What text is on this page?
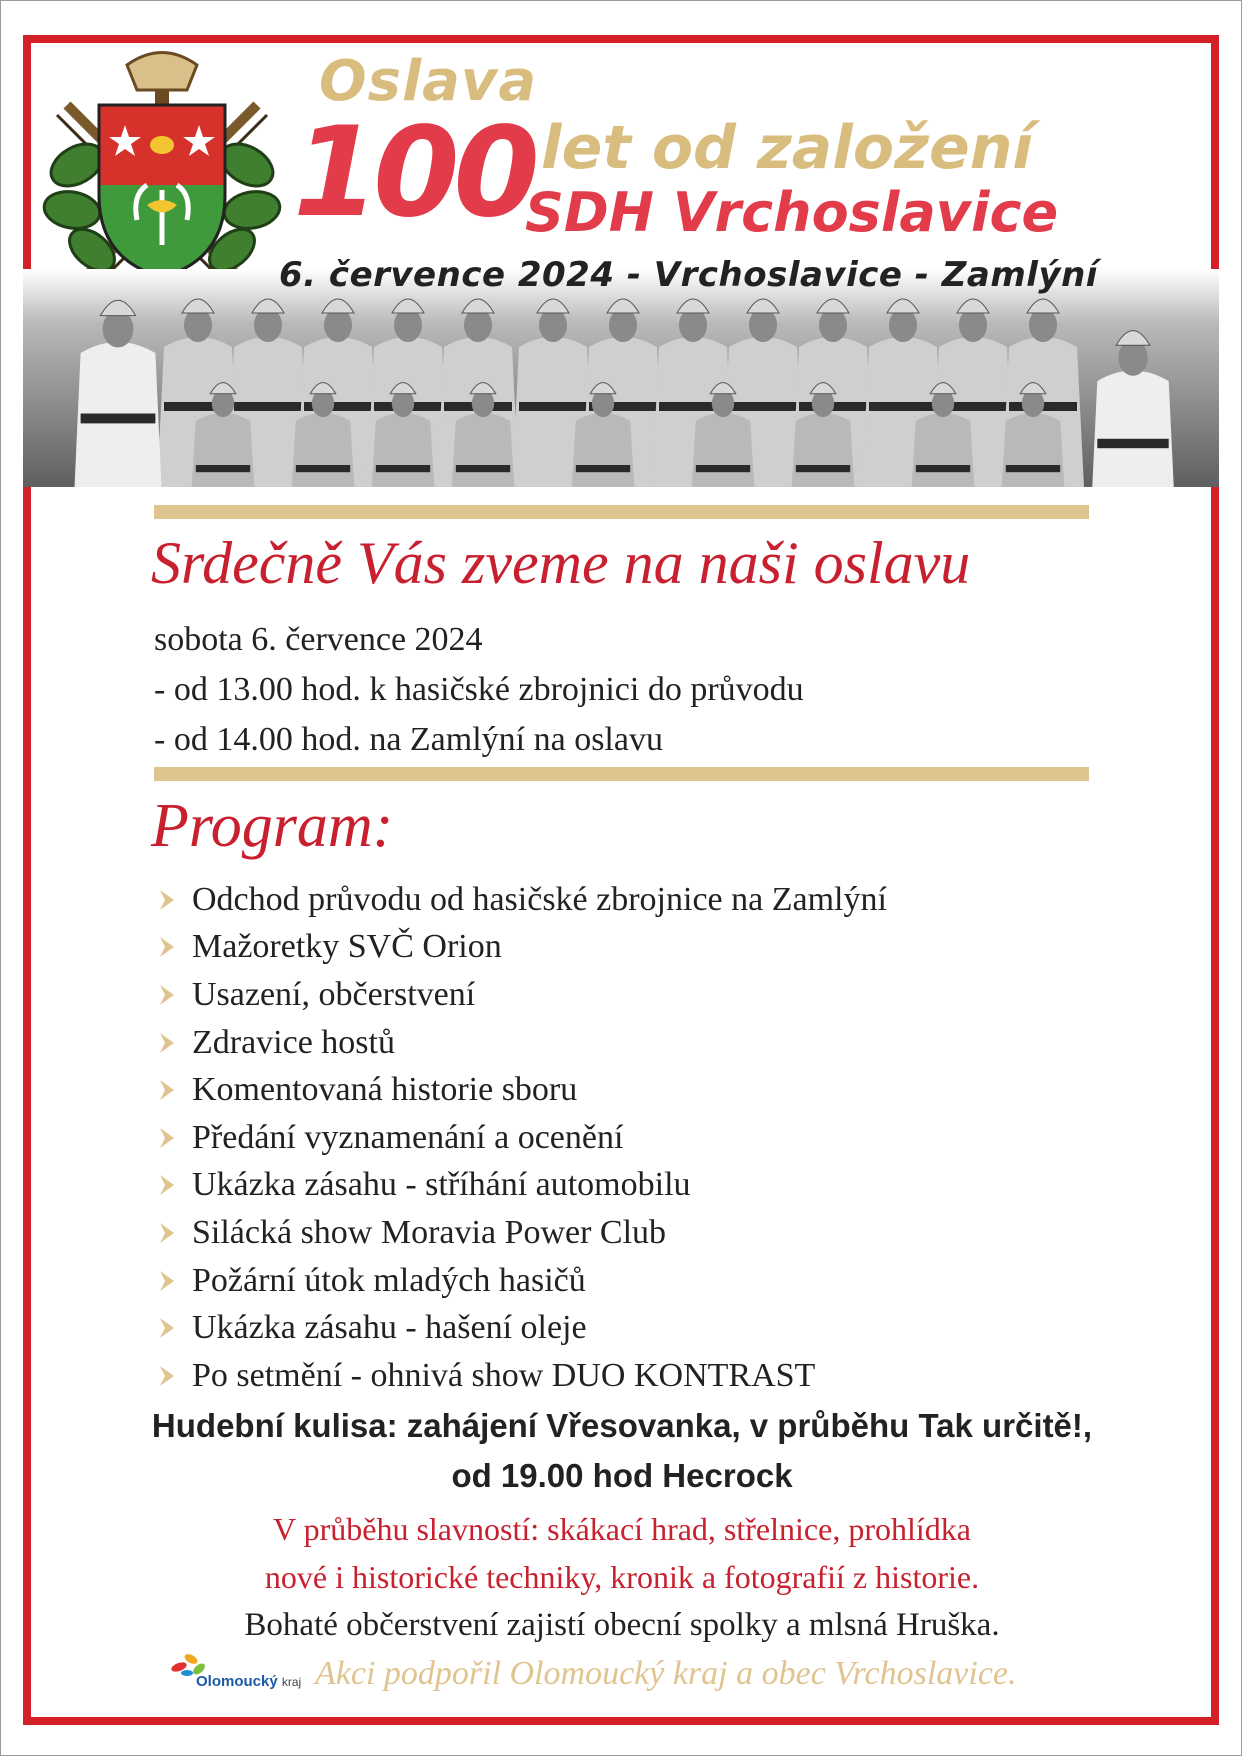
Oslava
100 let od založení
SDH Vrchoslavice
6. července 2024 - Vrchoslavice - Zamlýní
Srdečně Vás zveme na naši oslavu
sobota 6. července 2024
- od 13.00 hod. k hasičské zbrojnici do průvodu
- od 14.00 hod. na Zamlýní na oslavu
Program:
Odchod průvodu od hasičské zbrojnice na Zamlýní
Mažoretky SVČ Orion
Usazení, občerstvení
Zdravice hostů
Komentovaná historie sboru
Předání vyznamenání a ocenění
Ukázka zásahu - stříhání automobilu
Silácká show Moravia Power Club
Požární útok mladých hasičů
Ukázka zásahu - hašení oleje
Po setmění - ohnivá show DUO KONTRAST
Hudební kulisa: zahájení Vřesovanka, v průběhu Tak určitě!,
od 19.00 hod Hecrock
V průběhu slavností: skákací hrad, střelnice, prohlídka
nové i historické techniky, kronik a fotografií z historie.
Bohaté občerstvení zajistí obecní spolky a mlsná Hruška.
Olomoucký kraj Akci podpořil Olomoucký kraj a obec Vrchoslavice.
